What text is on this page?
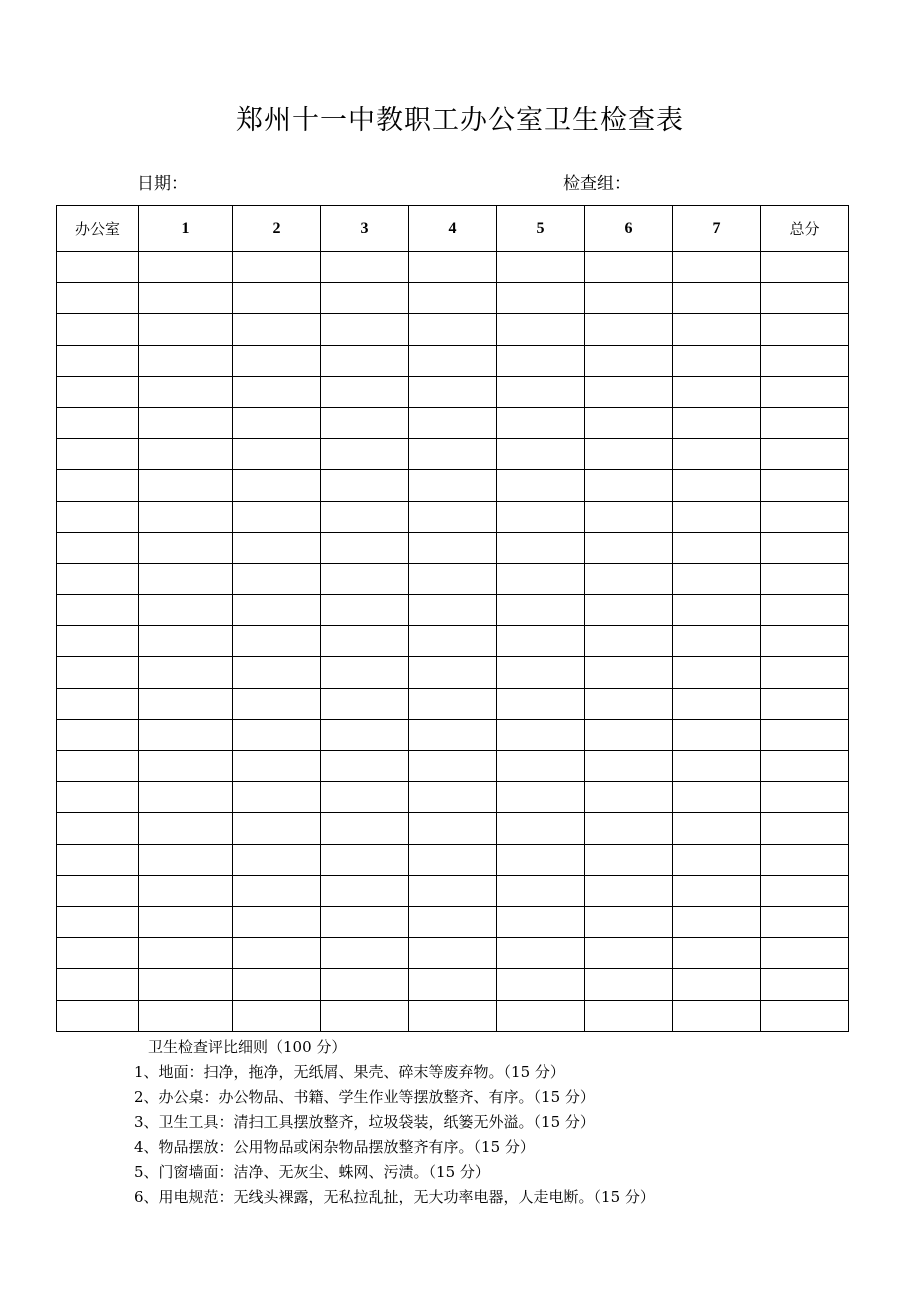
郑州十一中教职工办公室卫生检查表
日期：	检查组：
办公室	1	2	3	4	5	6	7	总分

卫生检查评比细则（100 分）
1、地面：扫净，拖净，无纸屑、果壳、碎末等废弃物。（15 分）
2、办公桌：办公物品、书籍、学生作业等摆放整齐、有序。（15 分）
3、卫生工具：清扫工具摆放整齐，垃圾袋装，纸篓无外溢。（15 分）
4、物品摆放：公用物品或闲杂物品摆放整齐有序。（15 分）
5、门窗墙面：洁净、无灰尘、蛛网、污渍。（15 分）
6、用电规范：无线头裸露，无私拉乱扯，无大功率电器，人走电断。（15 分）
